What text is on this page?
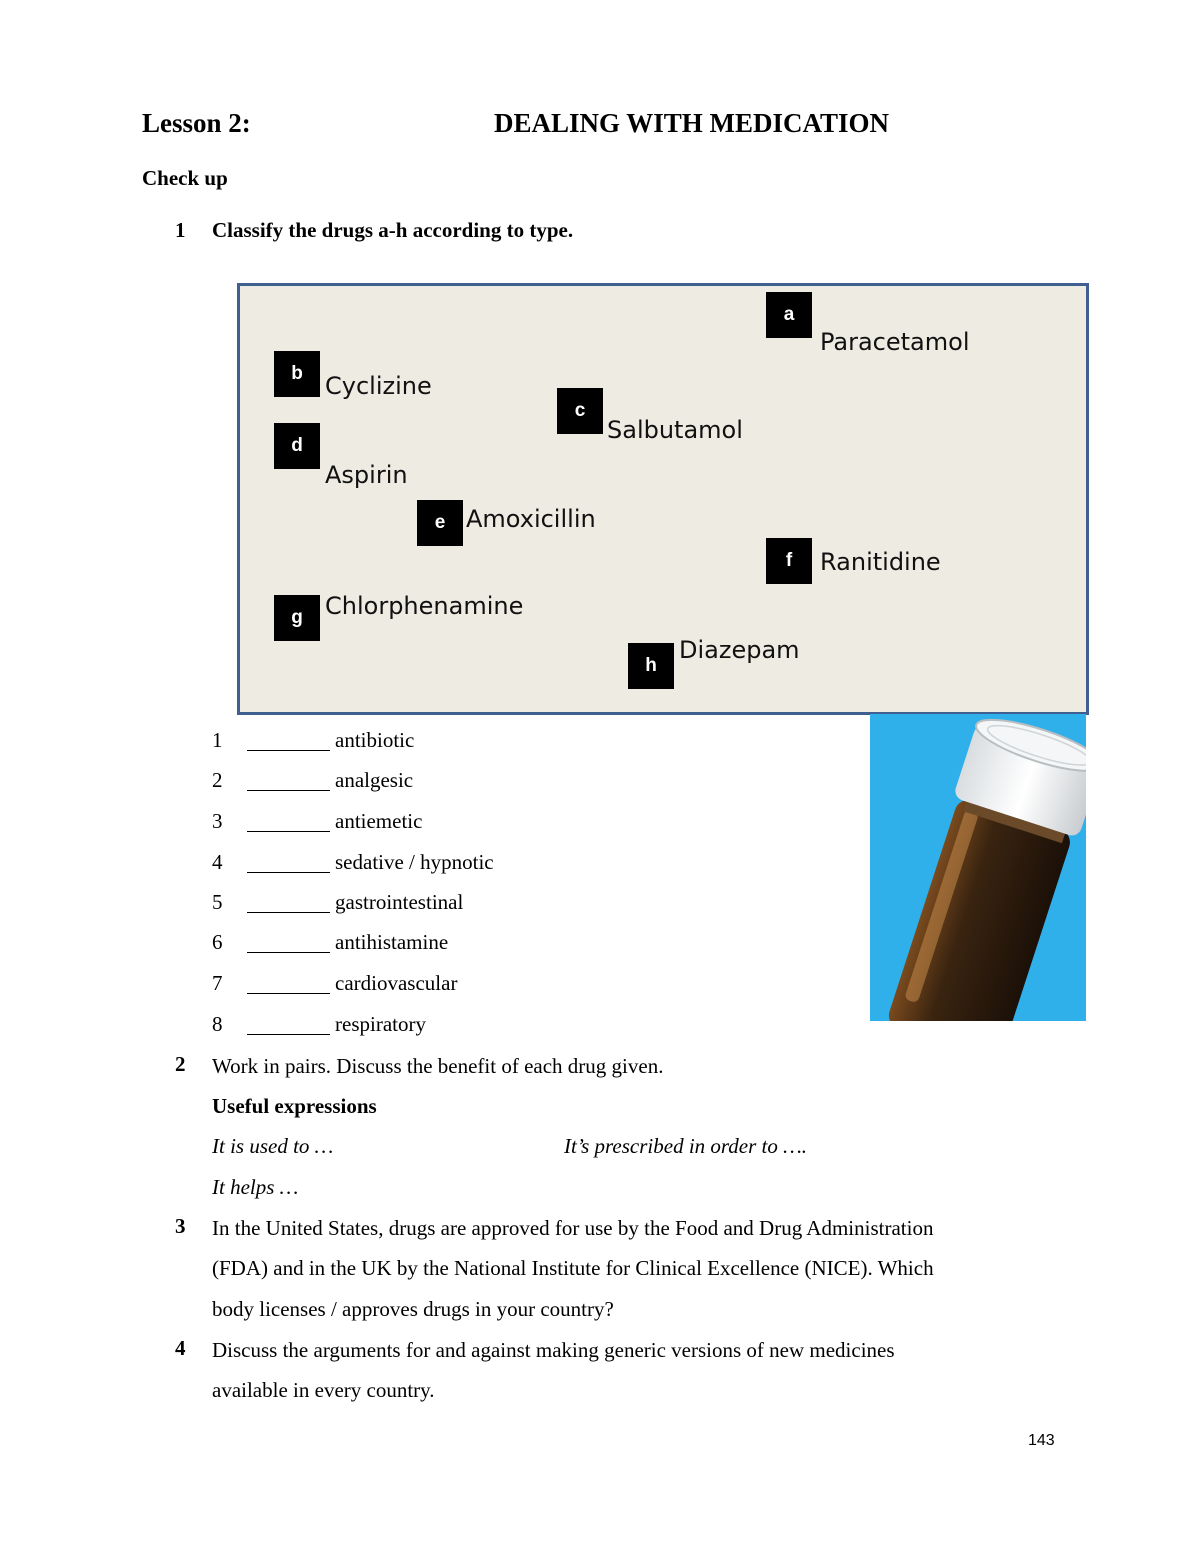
Lesson 2:	DEALING WITH MEDICATION
Check up
1 Classify the drugs a-h according to type.
a
Paracetamol
b Cyclizine
c
Salbutamol
d
Aspirin
e Amoxicillin
f	Ranitidine
g Chlorphenamine
h
Diazepam
1	antibiotic
2	analgesic
3	antiemetic
4	sedative / hypnotic
5	gastrointestinal
6	antihistamine
7	cardiovascular
8	respiratory
2 Work in pairs. Discuss the benefit of each drug given.
Useful expressions
It is used to …	It’s prescribed in order to ….
It helps …
3 In the United States, drugs are approved for use by the Food and Drug Administration
(FDA) and in the UK by the National Institute for Clinical Excellence (NICE). Which
body licenses / approves drugs in your country?
4 Discuss the arguments for and against making generic versions of new medicines
available in every country.
143
